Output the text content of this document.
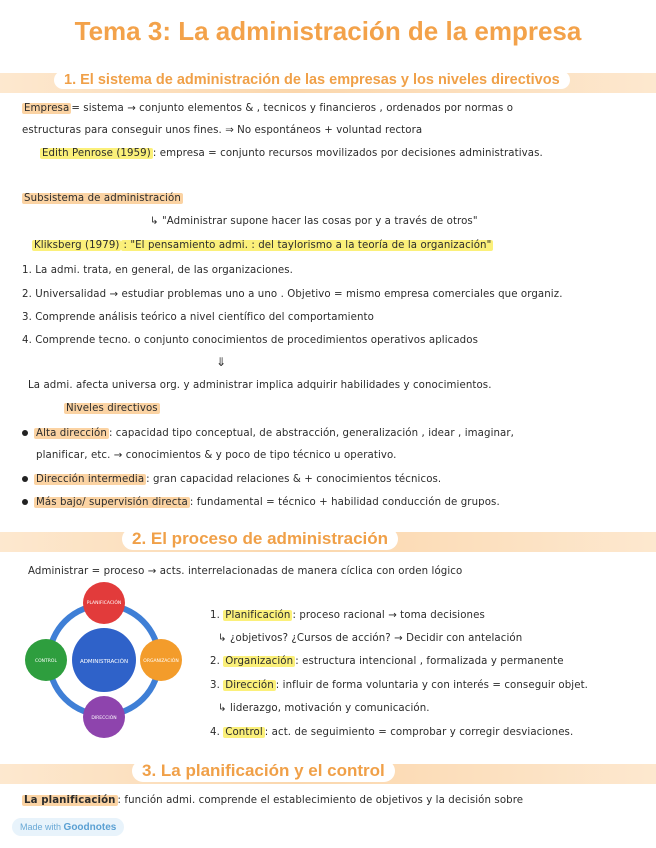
Tema 3: La administración de la empresa
1. El sistema de administración de las empresas y los niveles directivos
Empresa = sistema → conjunto elementos & , tecnicos y financieros , ordenados por normas o
estructuras para conseguir unos fines. ⇒ No espontáneos + voluntad rectora
Edith Penrose (1959) : empresa = conjunto recursos movilizados por decisiones administrativas.
Subsistema de administración
↳ "Administrar supone hacer las cosas por y a través de otros"
Kliksberg (1979) : "El pensamiento admi. : del taylorismo a la teoría de la organización"
1. La admi. trata, en general, de las organizaciones.
2. Universalidad → estudiar problemas uno a uno . Objetivo = mismo empresa comerciales que organiz.
3. Comprende análisis teórico a nivel científico del comportamiento
4. Comprende tecno. o conjunto conocimientos de procedimientos operativos aplicados
⇓
La admi. afecta universa org. y administrar implica adquirir habilidades y conocimientos.
Niveles directivos
Alta dirección : capacidad tipo conceptual, de abstracción, generalización , idear , imaginar,
planificar, etc. → conocimientos & y poco de tipo técnico u operativo.
Dirección intermedia : gran capacidad relaciones & + conocimientos técnicos.
Más bajo/ supervisión directa : fundamental = técnico + habilidad conducción de grupos.
2. El proceso de administración
Administrar = proceso → acts. interrelacionadas de manera cíclica con orden lógico
ADMINISTRACIÓN
PLANIFICACIÓN
ORGANIZACIÓN
DIRECCIÓN
CONTROL
1. Planificación : proceso racional → toma decisiones
↳ ¿objetivos? ¿Cursos de acción? → Decidir con antelación
2. Organización : estructura intencional , formalizada y permanente
3. Dirección : influir de forma voluntaria y con interés = conseguir objet.
↳ liderazgo, motivación y comunicación.
4. Control : act. de seguimiento = comprobar y corregir desviaciones.
3. La planificación y el control
La planificación : función admi. comprende el establecimiento de objetivos y la decisión sobre
Made with Goodnotes
